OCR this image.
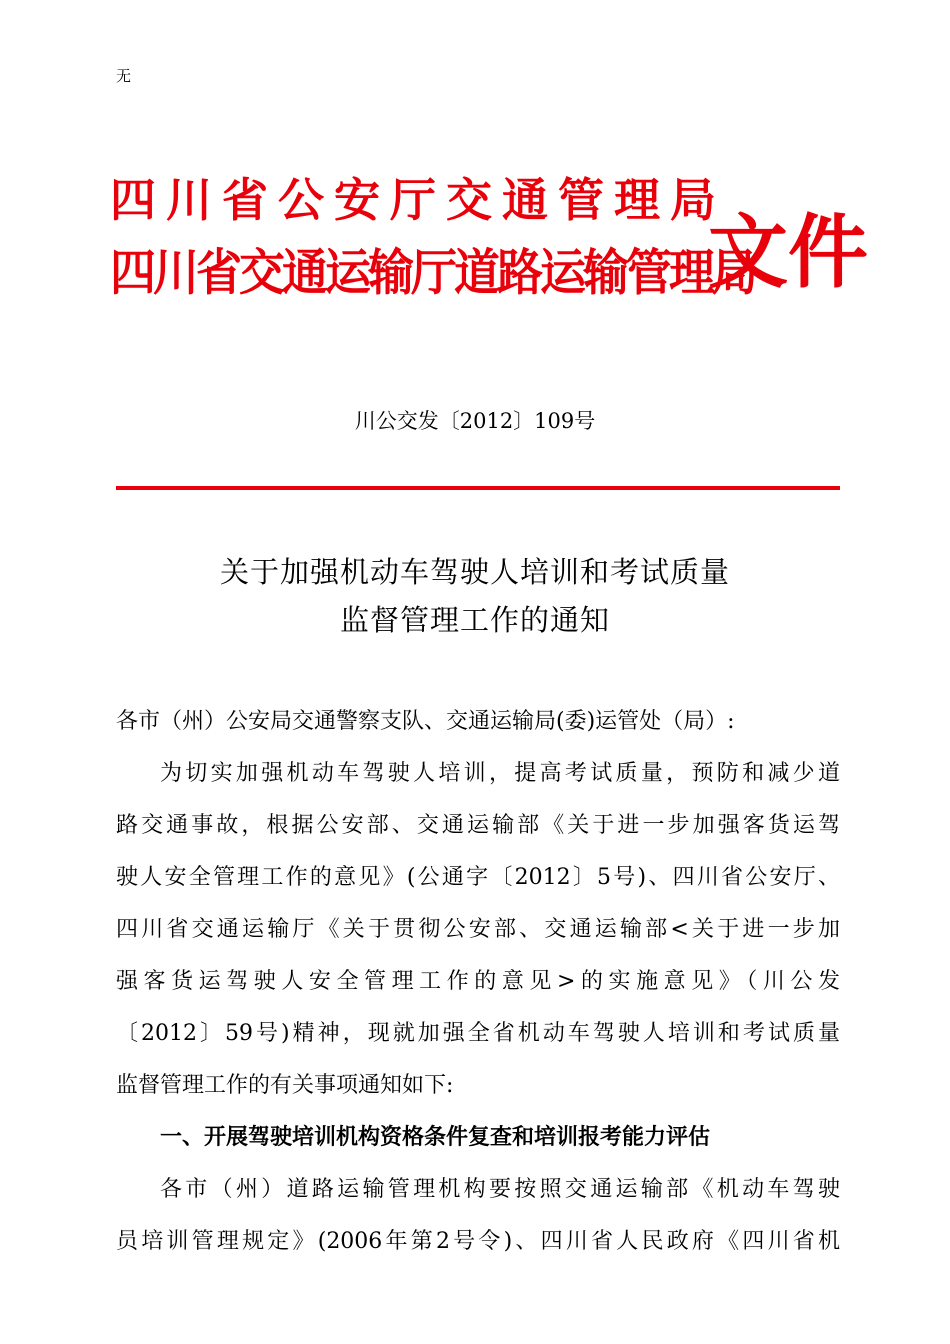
无
四川省公安厅交通管理局
四川省交通运输厅道路运输管理局
文件
川公交发〔2012〕109号
关于加强机动车驾驶人培训和考试质量
监督管理工作的通知
各市（州）公安局交通警察支队、交通运输局(委)运管处（局）:
为切实加强机动车驾驶人培训，提高考试质量，预防和减少道
路交通事故，根据公安部、交通运输部《关于进一步加强客货运驾
驶人安全管理工作的意见》(公通字〔2012〕5号)、四川省公安厅、
四川省交通运输厅《关于贯彻公安部、交通运输部<关于进一步加
强客货运驾驶人安全管理工作的意见>的实施意见》（川公发
〔2012〕59号)精神，现就加强全省机动车驾驶人培训和考试质量
监督管理工作的有关事项通知如下:
一、开展驾驶培训机构资格条件复查和培训报考能力评估
各市（州）道路运输管理机构要按照交通运输部《机动车驾驶
员培训管理规定》(2006年第2号令)、四川省人民政府《四川省机
